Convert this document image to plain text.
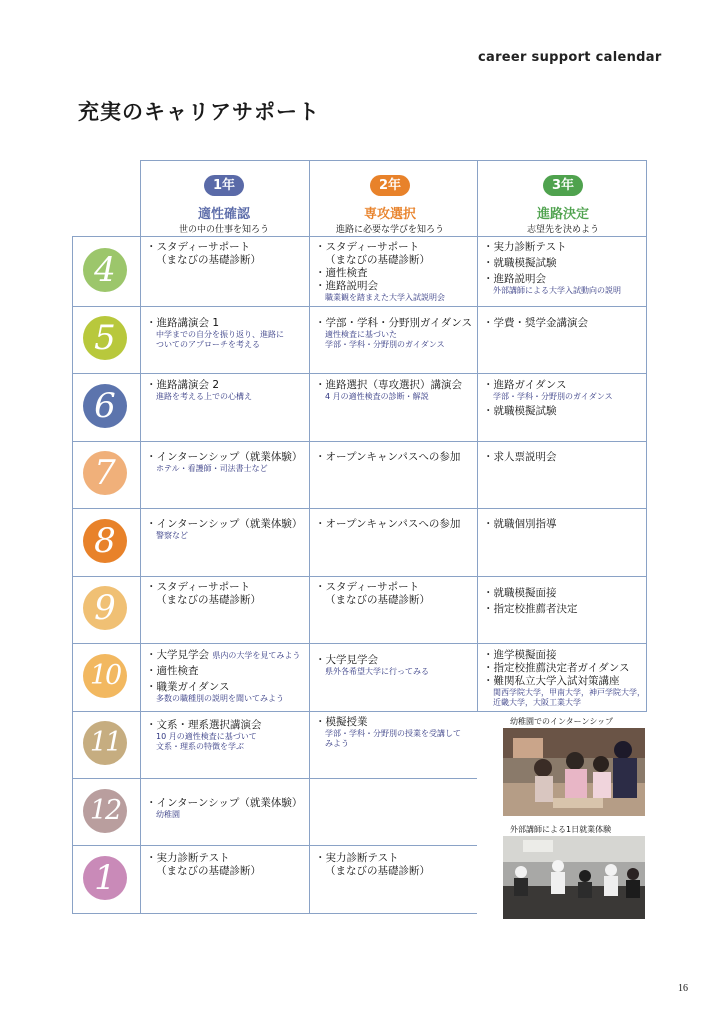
career support calendar
充実のキャリアサポート
1年
適性確認
世の中の仕事を知ろう
2年
専攻選択
進路に必要な学びを知ろう
3年
進路決定
志望先を決めよう
4
5
6
7
8
9
10
11
12
1
・スタディーサポート
（まなびの基礎診断）
・スタディーサポート
（まなびの基礎診断）
・適性検査
・進路説明会
職業観を踏まえた大学入試説明会
・実力診断テスト
・就職模擬試験
・進路説明会
外部講師による大学入試動向の説明
・進路講演会 1
中学までの自分を振り返り、進路に
ついてのアプローチを考える
・学部・学科・分野別ガイダンス
適性検査に基づいた
学部・学科・分野別のガイダンス
・学費・奨学金講演会
・進路講演会 2
進路を考える上での心構え
・進路選択（専攻選択）講演会
4 月の適性検査の診断・解説
・進路ガイダンス
学部・学科・分野別のガイダンス
・就職模擬試験
・インターンシップ（就業体験）
ホテル・看護師・司法書士など
・オープンキャンパスへの参加 ・求人票説明会
・インターンシップ（就業体験）
警察など
・オープンキャンパスへの参加 ・就職個別指導
・スタディーサポート
（まなびの基礎診断）
・スタディーサポート
（まなびの基礎診断）
・就職模擬面接
・指定校推薦者決定
・大学見学会 県内の大学を見てみよう
・適性検査
・職業ガイダンス
多数の職種別の説明を聞いてみよう
・大学見学会
県外各希望大学に行ってみる
・進学模擬面接
・指定校推薦決定者ガイダンス
・難関私立大学入試対策講座
関西学院大学，甲南大学，神戸学院大学，
近畿大学，大阪工業大学
・文系・理系選択講演会
10 月の適性検査に基づいて
文系・理系の特徴を学ぶ
・模擬授業
学部・学科・分野別の授業を受講して
みよう
・インターンシップ（就業体験）
幼稚園
・実力診断テスト
（まなびの基礎診断）
・実力診断テスト
（まなびの基礎診断）
幼稚園でのインターンシップ
外部講師による1日就業体験
16
